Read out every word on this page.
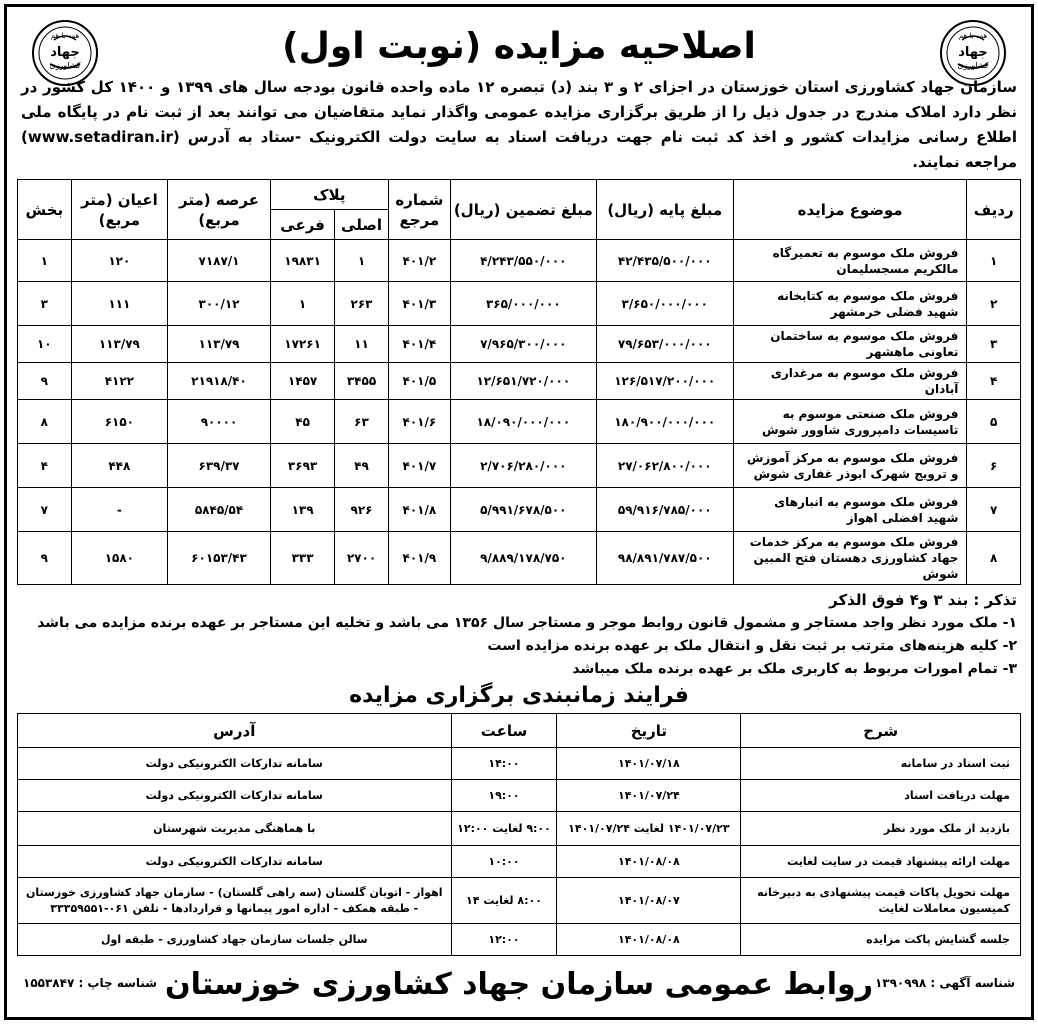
همه با هم
جهاد
کشاورزی
همه با هم
جهاد
کشاورزی	اصلاحیه مزایده (نوبت اول)

سازمان جهاد کشاورزی استان خوزستان در اجزای ۲ و ۳ بند (د) تبصره ۱۲ ماده واحده قانون بودجه سال های ۱۳۹۹ و ۱۴۰۰ کل کشور در نظر دارد املاک مندرج در جدول ذیل را از طریق برگزاری مزایده عمومی واگذار نماید متقاضیان می توانند بعد از ثبت نام در پایگاه ملی اطلاع رسانی مزایدات کشور و اخذ کد ثبت نام جهت دریافت اسناد به سایت دولت الکترونیک -ستاد به آدرس (www.setadiran.ir) مراجعه نمایند.

ردیف	موضوع مزایده	مبلغ پایه (ریال)	مبلغ تضمین (ریال)	شماره مرجع	پلاک		عرصه (متر مربع)	اعیان (متر مربع)	بخش
					اصلی	فرعی			
۱	فروش ملک موسوم به تعمیرگاه مالکریم مسجسلیمان	۴۲/۴۳۵/۵۰۰/۰۰۰	۴/۲۴۳/۵۵۰/۰۰۰	۴۰۱/۲	۱	۱۹۸۳۱	۷۱۸۷/۱	۱۲۰	۱
۲	فروش ملک موسوم به کتابخانه شهید فضلی خرمشهر	۳/۶۵۰/۰۰۰/۰۰۰	۳۶۵/۰۰۰/۰۰۰	۴۰۱/۳	۲۶۳	۱	۳۰۰/۱۲	۱۱۱	۳
۳	فروش ملک موسوم به ساختمان تعاونی ماهشهر	۷۹/۶۵۳/۰۰۰/۰۰۰	۷/۹۶۵/۳۰۰/۰۰۰	۴۰۱/۴	۱۱	۱۷۲۶۱	۱۱۳/۷۹	۱۱۳/۷۹	۱۰
۴	فروش ملک موسوم به مرغداری آبادان	۱۲۶/۵۱۷/۲۰۰/۰۰۰	۱۲/۶۵۱/۷۲۰/۰۰۰	۴۰۱/۵	۳۴۵۵	۱۴۵۷	۲۱۹۱۸/۴۰	۴۱۲۲	۹
۵	فروش ملک صنعتی موسوم به تاسیسات دامپروری شاوور شوش	۱۸۰/۹۰۰/۰۰۰/۰۰۰	۱۸/۰۹۰/۰۰۰/۰۰۰	۴۰۱/۶	۶۳	۴۵	۹۰۰۰۰	۶۱۵۰	۸
۶	فروش ملک موسوم به مرکز آموزش و ترویج شهرک ابوذر غفاری شوش	۲۷/۰۶۲/۸۰۰/۰۰۰	۲/۷۰۶/۲۸۰/۰۰۰	۴۰۱/۷	۴۹	۳۶۹۳	۶۳۹/۳۷	۴۴۸	۴
۷	فروش ملک موسوم به انبارهای شهید افضلی اهواز	۵۹/۹۱۶/۷۸۵/۰۰۰	۵/۹۹۱/۶۷۸/۵۰۰	۴۰۱/۸	۹۲۶	۱۳۹	۵۸۴۵/۵۴	-	۷
۸	فروش ملک موسوم به مرکز خدمات جهاد کشاورزی دهستان فتح المبین شوش	۹۸/۸۹۱/۷۸۷/۵۰۰	۹/۸۸۹/۱۷۸/۷۵۰	۴۰۱/۹	۲۷۰۰	۳۳۳	۶۰۱۵۳/۴۳	۱۵۸۰	۹
تذکر : بند ۳ و۴ فوق الذکر
۱- ملک مورد نظر واجد مستاجر و مشمول قانون روابط موجر و مستاجر سال ۱۳۵۶ می باشد و تخلیه این مستاجر بر عهده برنده مزایده می باشد
۲- کلیه هزینه‌های مترتب بر ثبت نقل و انتقال ملک بر عهده برنده مزایده است
۳- تمام امورات مربوط به کاربری ملک بر عهده برنده ملک میباشد
فرایند زمانبندی برگزاری مزایده
شرح	تاریخ	ساعت	آدرس
ثبت اسناد در سامانه	۱۴۰۱/۰۷/۱۸	۱۴:۰۰	سامانه تدارکات الکترونیکی دولت
مهلت دریافت اسناد	۱۴۰۱/۰۷/۲۴	۱۹:۰۰	سامانه تدارکات الکترونیکی دولت
بازدید از ملک مورد نظر	۱۴۰۱/۰۷/۲۳ لغایت ۱۴۰۱/۰۷/۲۴	۹:۰۰ لغایت ۱۲:۰۰	با هماهنگی مدیریت شهرستان
مهلت ارائه پیشنهاد قیمت در سایت لغایت	۱۴۰۱/۰۸/۰۸	۱۰:۰۰	سامانه تدارکات الکترونیکی دولت
مهلت تحویل پاکات قیمت پیشنهادی به دبیرخانه کمیسیون معاملات لغایت	۱۴۰۱/۰۸/۰۷	۸:۰۰ لغایت ۱۴	اهواز - اتوبان گلستان (سه راهی گلستان) - سازمان جهاد کشاورزی خوزستان - طبقه همکف - اداره امور پیمانها و قراردادها - تلفن ۰۶۱-۳۳۳۵۹۵۵۱
جلسه گشایش پاکت مزایده	۱۴۰۱/۰۸/۰۸	۱۲:۰۰	سالن جلسات سازمان جهاد کشاورزی - طبقه اول
شناسه آگهی : ۱۳۹۰۹۹۸
روابط عمومی سازمان جهاد کشاورزی خوزستان
شناسه چاپ : ۱۵۵۳۸۴۷
